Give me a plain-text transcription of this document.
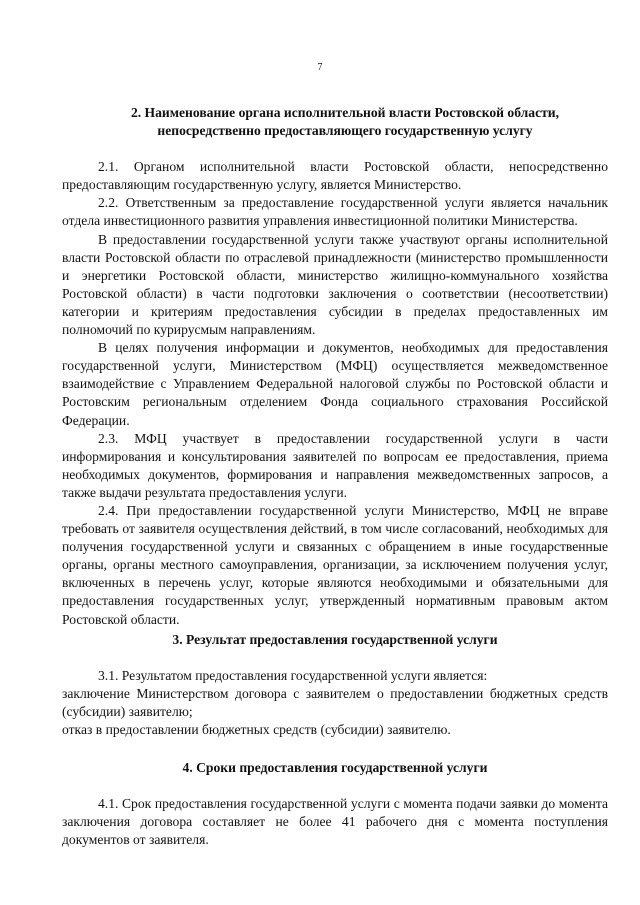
7
2. Наименование органа исполнительной власти Ростовской области,
непосредственно предоставляющего государственную услугу

2.1. Органом исполнительной власти Ростовской области, непосредственно предоставляющим государственную услугу, является Министерство.

2.2. Ответственным за предоставление государственной услуги является начальник отдела инвестиционного развития управления инвестиционной политики Министерства.

В предоставлении государственной услуги также участвуют органы исполнительной власти Ростовской области по отраслевой принадлежности (министерство промышленности и энергетики Ростовской области, министерство жилищно-коммунального хозяйства Ростовской области) в части подготовки заключения о соответствии (несоответствии) категории и критериям предоставления субсидии в пределах предоставленных им полномочий по курирусмым направлениям.

В целях получения информации и документов, необходимых для предоставления государственной услуги, Министерством (МФЦ) осуществляется межведомственное взаимодействие с Управлением Федеральной налоговой службы по Ростовской области и Ростовским региональным отделением Фонда социального страхования Российской Федерации.

2.3. МФЦ участвует в предоставлении государственной услуги в части информирования и консультирования заявителей по вопросам ее предоставления, приема необходимых документов, формирования и направления межведомственных запросов, а также выдачи результата предоставления услуги.

2.4. При предоставлении государственной услуги Министерство, МФЦ не вправе требовать от заявителя осуществления действий, в том числе согласований, необходимых для получения государственной услуги и связанных с обращением в иные государственные органы, органы местного самоуправления, организации, за исключением получения услуг, включенных в перечень услуг, которые являются необходимыми и обязательными для предоставления государственных услуг, утвержденный нормативным правовым актом Ростовской области.

3. Результат предоставления государственной услуги

3.1. Результатом предоставления государственной услуги является:

заключение Министерством договора с заявителем о предоставлении бюджетных средств (субсидии) заявителю;

отказ в предоставлении бюджетных средств (субсидии) заявителю.

4. Сроки предоставления государственной услуги

4.1. Срок предоставления государственной услуги с момента подачи заявки до момента заключения договора составляет не более 41 рабочего дня с момента поступления документов от заявителя.
